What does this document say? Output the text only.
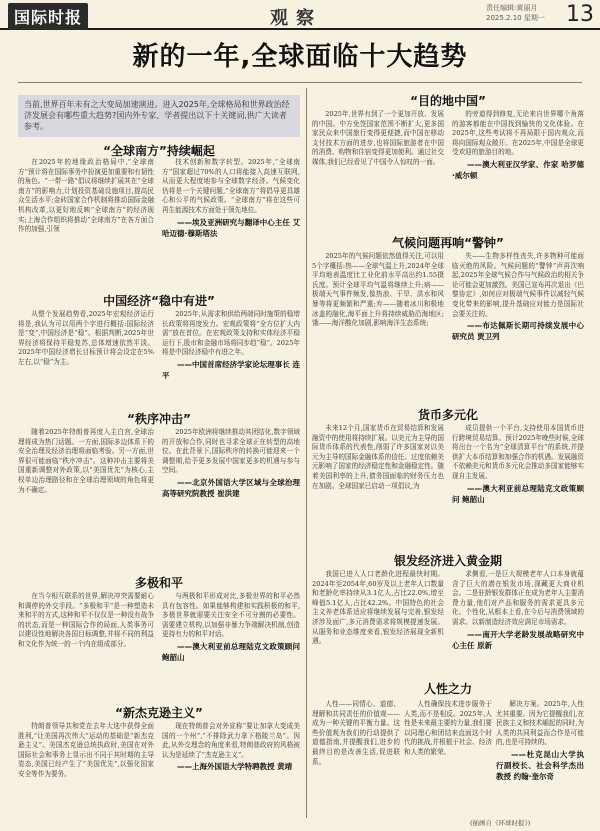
国际时报	观察	责任编辑:黄丽月
2025.2.10 星期一 13
新的一年,全球面临十大趋势
当前,世界百年未有之大变局加速演进。进入2025年,全球格局和世界政治经济发展会有哪些重大趋势?国内外专家、学者提出以下十关键词,供广大读者参考。
“全球南方”持续崛起

在2025年的地缘政治格局中,“全球南方”预计将在国际事务中扮演更加重要和有韧性的角色。“一带一路”倡议将继续扩展其在“全球南方”的影响力,计划投资基础设施项目,提高民众生活水平;金砖国家合作机制将推动国际金融机构改革,以更好地反映“全球南方”的经济现实;上海合作组织将推动“全球南方”在各方面合作的加强,引领

技术创新和数字转型。2025年,“全球南方”国家超过70%的人口将能接入高速互联网,从而更大程度地参与全球数字经济。气候变化仍将是一个关键问题,“全球南方”将倡导更具雄心和公平的气候政策。“全球南方”将在这些可再生能源技术方面处于领先地位。

——埃及亚洲研究与翻译中心主任 艾哈迈德·穆斯塔法
中国经济“稳中有进”

从整个发展趋势看,2025年宏观经济运行将是,我认为可以用两个字进行概括:国际经济是“变”,中国经济是“稳”。根据判断,2025年世界经济将保持平稳复苏,总体增速依然平淡。2025年中国经济增长目标预计将会设定在5%左右,以“稳”为主。

2025年,从需求和供给两端同时施策的稳增长政策将再度发力。宏观政策将“全方位扩大内需”放在首位。在宏观政策支持和实体经济平稳运行下,股市和金融市场将同步趋“稳”。2025年将是中国经济稳中有进之年。

——中国首席经济学家论坛理事长 连平
“秩序冲击”

随着2025年特朗普再度入主白宫,全球治理将成为热门话题。一方面,国际多边体系下的安全治理及经济治理将面临考验。另一方面,世界很可能面临“秩序冲击”。这种冲击主要将美国重新调整对外政策,以“美国优先”为核心,主权单边治理路径和在全球治理领域的角色将更为不确定。

2025年欧洲将继续推动其团结化,数字领域的开放和合作,同时也寻求全球正在转型的高地位。在此背景下,国际秩序的转换可能迎来一个调整期,给予更多发展中国家更多的机遇与参与空间。

——北京外国语大学区域与全球治理高等研究院教授 崔洪建
多极和平

在当今相互联系的世界,解决冲突需要耐心和调停的外交手段。“多极和平”是一种塑造未来和平的方式,这种和平不仅仅是一种没有战争的状态,而是一种国际合作的局面,人类事务可以建设性地解决各国目标调整,并将不同的利益和文化作为统一的一个内在组成部分。

与两极和平形成对比,多极世界的和平必然具有包容性。如果能够构建和实践积极的和平,多极世界就需要关注安全不可分割的必要性。需要建立机构,以加强非暴力争端解决机制,创造更持有力的和平对话。

——澳大利亚前总理陆克文政策顾问 鲍韶山
“新杰克逊主义”

特朗普领导共和党在去年大选中获得全面胜利,“让美国再次伟大”运动的基础是“新杰克逊主义”。美国杰克逊总统执政时,美国在对外国际社会和事务上显示出不同于其时期的主导姿态,美国已经产生了“美国优先”,以强化国家安全等作为要务。

现在特朗普会对外宣称“要让加拿大变成美国的一个州”,“不排除武力拿下格陵兰岛”。因此,从外交理念的角度来看,特朗普政府的风格被认为是延续了“杰克逊主义”。

——上海外国语大学特聘教授 黄靖
“目的地中国”

2025年,世界有到了一个更加开放、发展的中国。中方免签国家范围不断扩大,更多国家民众来中国旅行变得更便捷,而中国在移动支付技术方面的进步,也将国际旅游者在中国的消费、购物和住宿变得更加便利。通过社交媒体,我们已经看见了中国令人惊叹的一面。

的旁道得到修复,无论来自世界哪个角落的游客都能在中国找到愉快的文化体验。在2025年,这些考试将不再局限于国内观众,而将向国际观众敞开。在2025年,中国是全球更受欢迎的旅游目的地。

——澳大利亚汉学家、作家 哈罗德·威尔顿
气候问题再响“警钟”

2025年的气候问题依然值得关注,可以用5个字概括:热——全球气温上升,2024年全球平均地表温度比工业化前水平高出约1.55摄氏度。预计全球平均气温将继续上升;病——极端天气事件频发,像热浪、干旱、洪水和风暴等将更频繁和严重;弃——随着冰川和极地冰盖的融化,海平面上升将持续威胁沿海地区;饿——海洋酸化加剧,影响海洋生态系统;

失——生物多样性丧失,许多物种可能面临灭绝的风险。气候问题的“警钟”声再次响起,2025年全球气候合作与气候政治的相关争论可能会更加激烈。美国已宣布再次退出《巴黎协定》,如何应对极端气候事件以减轻气候变化带来的影响,提升基础应对能力是国际社会要关注的。

——布达佩斯长期可持续发展中心研究员 贾卫列
货币多元化

未来12个月,国家货币在贸易结算和发展融资中的使用将持续扩展。以美元为主导的国际货币体系的代表性,削弱了许多国家对以美元为主导的国际金融体系的信任。过度依赖美元影响了国家的经济稳定性和金融稳定性。随着美国利率的上升,债务国面临的财务压力也在加剧。全球国家已启动一项倡议,为

成员提供一个平台,支持使用本国货币进行跨境贸易结算。预计2025年晚些时候,全球将出台一个名为“全球清算平台”的系统,并提供扩大本币结算和加强合作的机遇。发展融资不依赖美元和货币多元化会推动多国家能够实现自主发展。

——澳大利亚前总理陆克文政策顾问 鲍韶山
银发经济进入黄金期

我国已进入人口老龄化进程最快时期。2024年至2054年,60岁及以上老年人口数量和老龄化率持续从3.1亿人,占比22.0%,增至峰值5.1亿人,占比42.2%。中国特色的社会主义养老体系适应将继续发展与完善,银发经济涉及面广,多元消费需求将规模提速发展。从服务和业态维度来看,银发经济展现全新机遇。

求侧看,一是巨大规模老年人口本身就蕴含了巨大的潜在银发市场,深藏更大商业机会。二是驻龄银发群体正在成为老年人主要消费力量,他们对产品和服务的需求更具多元化、个性化,从根本上看,在今后与消费领域的需求。以新制造经济效应满足市场需求。

——南开大学老龄发展战略研究中心主任 原新
人性之力

人性——同情心、道德、理解和共同责任的价值观——成为一种关键的平衡力量。这些价值观为我们的行动提供了道德指南,并提醒我们,进步的最终目的是改善生活,促进联系。

人性确保技术进步服务于人类,而不是相反。2025年,人性是未来最主要的力量,我们要以同理心和团结来直面这个时代的挑战,并根植于社会、经济和人类的繁荣。

解决方案。2025年,人性尤其重要。因为它提醒我们,在民族主义和技术崛起的同时,为人类的共同利益而合作是可能的,也是可持续的。

——杜克昆山大学执行副校长、社会科学杰出教授 约翰·奎尔奇
(插画自《环球时报》)
